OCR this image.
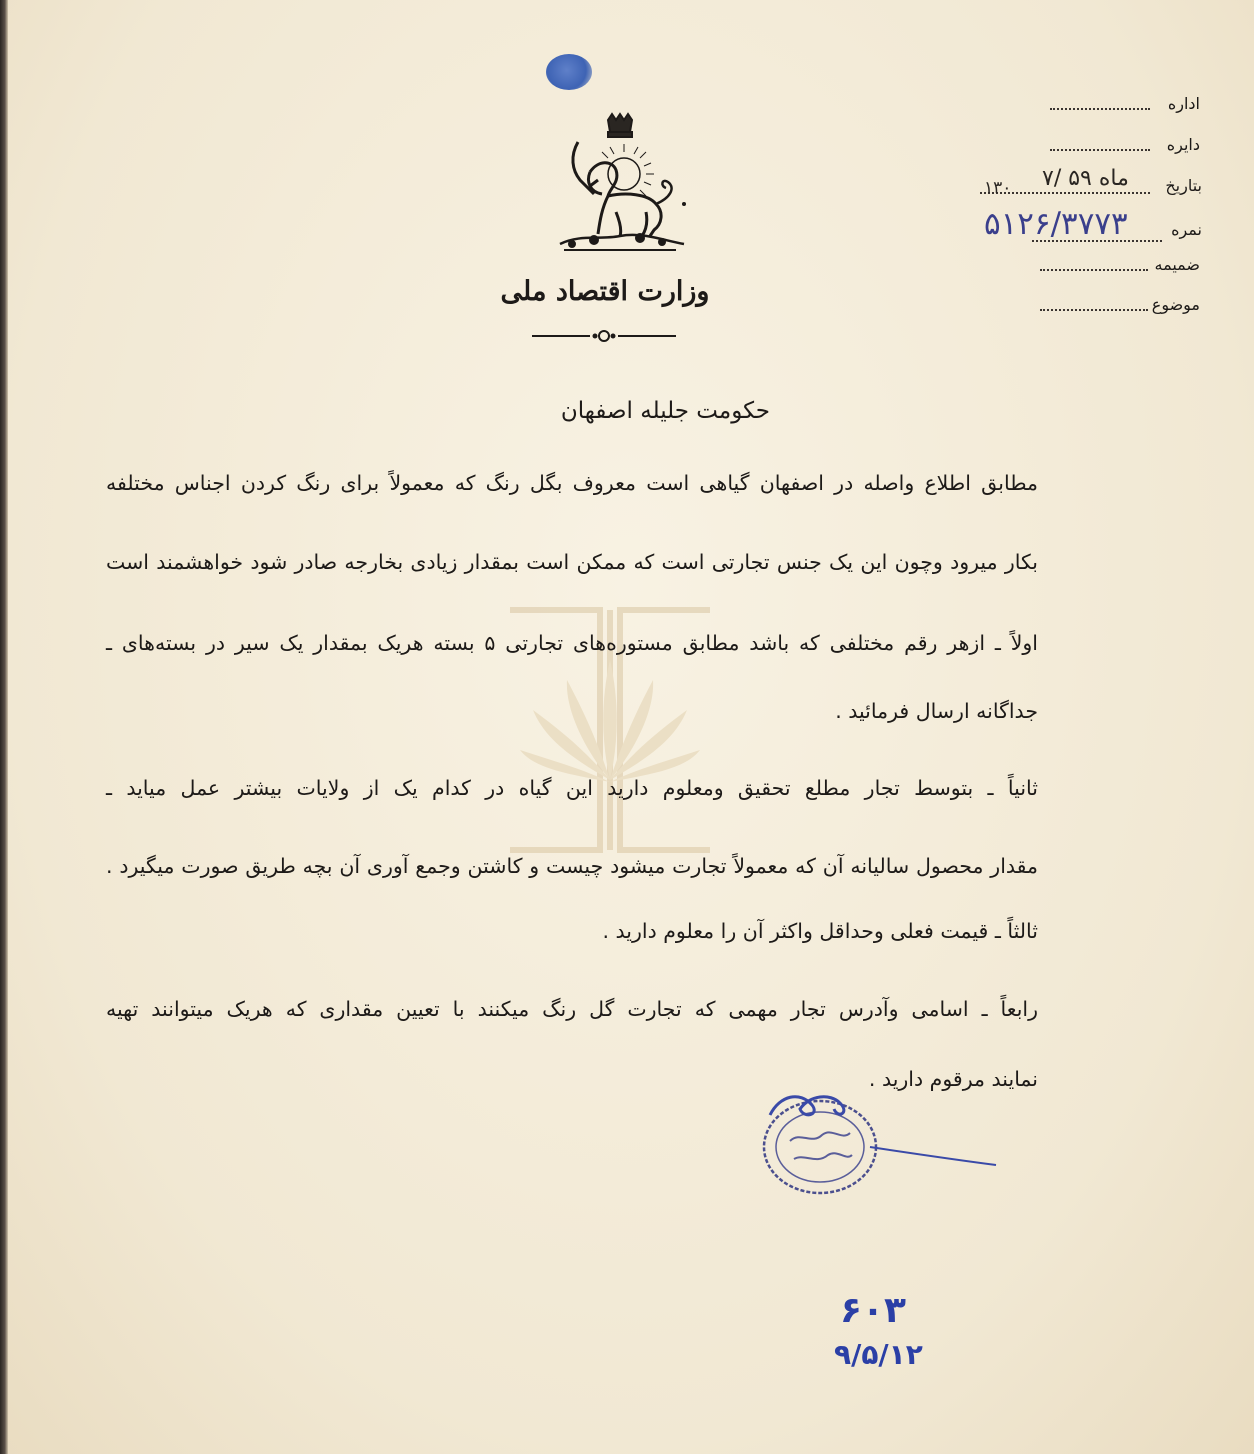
وزارت اقتصاد ملی
اداره
دایره
بتاریخ
۷/ ۵ماه ۹
۱۳۰
نمره
۵۱۲۶/۳۷۷۳
ضمیمه
موضوع
حکومت جلیله اصفهان
مطابق اطلاع واصله در اصفهان گیاهی است معروف بگل رنگ که معمولاً برای رنگ کردن اجناس مختلفه
بکار میرود وچون این یک جنس تجارتی است که ممکن است بمقدار زیادی بخارجه صادر شود خواهشمند است
اولاً ـ ازهر رقم مختلفی که باشد مطابق مستوره‌های تجارتی ۵ بسته هریک بمقدار یک سیر در بسته‌های ـ
جداگانه ارسال فرمائید .
ثانیاً ـ بتوسط تجار مطلع تحقیق ومعلوم دارید این گیاه در کدام یک از ولایات بیشتر عمل میاید ـ
مقدار محصول سالیانه آن که معمولاً تجارت میشود چیست و کاشتن وجمع آوری آن بچه طریق صورت میگیرد .
ثالثاً ـ قیمت فعلی وحداقل واکثر آن را معلوم دارید .
رابعاً ـ اسامی وآدرس تجار مهمی که تجارت گل رنگ میکنند با تعیین مقداری که هریک میتوانند تهیه
نمایند مرقوم دارید .
۶۰۳
۹/۵/۱۲
